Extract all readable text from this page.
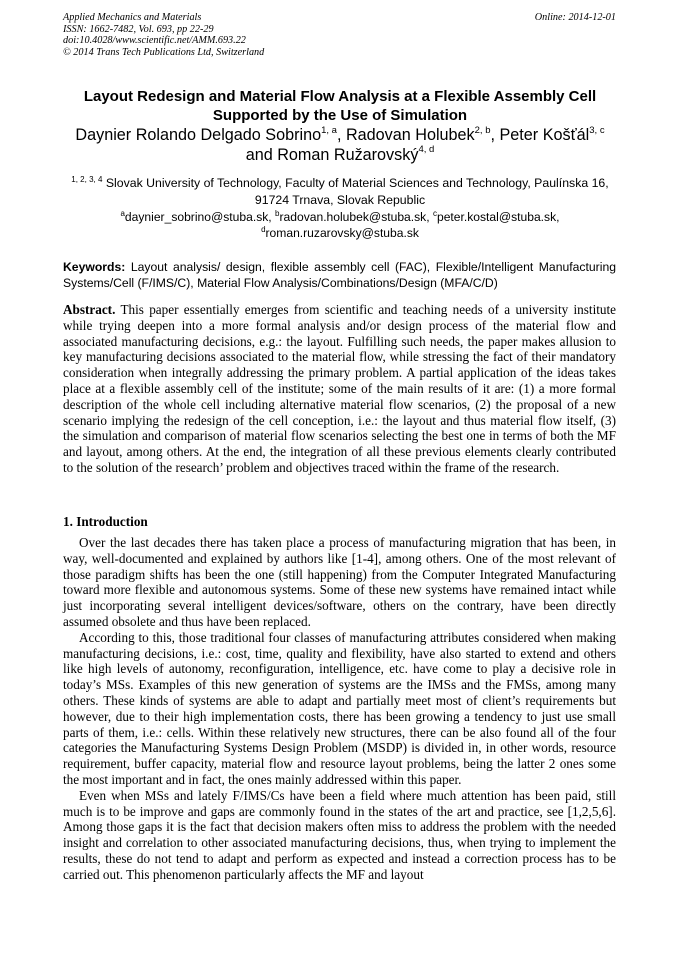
Applied Mechanics and Materials
ISSN: 1662-7482, Vol. 693, pp 22-29
doi:10.4028/www.scientific.net/AMM.693.22
© 2014 Trans Tech Publications Ltd, Switzerland
Online: 2014-12-01
Layout Redesign and Material Flow Analysis at a Flexible Assembly Cell Supported by the Use of Simulation
Daynier Rolando Delgado Sobrino$^{1, a}$, Radovan Holubek$^{2, b}$, Peter Košťál$^{3, c}$
and Roman Ružarovský$^{4, d}$
$^{1, 2, 3, 4}$ Slovak University of Technology, Faculty of Material Sciences and Technology, Paulínska 16, 91724 Trnava, Slovak Republic
$^a$daynier_sobrino@stuba.sk, $^b$radovan.holubek@stuba.sk, $^c$peter.kostal@stuba.sk,
$^d$roman.ruzarovsky@stuba.sk
Keywords: Layout analysis/ design, flexible assembly cell (FAC), Flexible/Intelligent Manufacturing Systems/Cell (F/IMS/C), Material Flow Analysis/Combinations/Design (MFA/C/D)
Abstract. This paper essentially emerges from scientific and teaching needs of a university institute while trying deepen into a more formal analysis and/or design process of the material flow and associated manufacturing decisions, e.g.: the layout. Fulfilling such needs, the paper makes allusion to key manufacturing decisions associated to the material flow, while stressing the fact of their mandatory consideration when integrally addressing the primary problem. A partial application of the ideas takes place at a flexible assembly cell of the institute; some of the main results of it are: (1) a more formal description of the whole cell including alternative material flow scenarios, (2) the proposal of a new scenario implying the redesign of the cell conception, i.e.: the layout and thus material flow itself, (3) the simulation and comparison of material flow scenarios selecting the best one in terms of both the MF and layout, among others. At the end, the integration of all these previous elements clearly contributed to the solution of the research’ problem and objectives traced within the frame of the research.
1. Introduction

Over the last decades there has taken place a process of manufacturing migration that has been, in way, well-documented and explained by authors like [1-4], among others. One of the most relevant of those paradigm shifts has been the one (still happening) from the Computer Integrated Manufacturing toward more flexible and autonomous systems. Some of these new systems have remained intact while just incorporating several intelligent devices/software, others on the contrary, have been directly assumed obsolete and thus have been replaced.

According to this, those traditional four classes of manufacturing attributes considered when making manufacturing decisions, i.e.: cost, time, quality and flexibility, have also started to extend and others like high levels of autonomy, reconfiguration, intelligence, etc. have come to play a decisive role in today’s MSs. Examples of this new generation of systems are the IMSs and the FMSs, among many others. These kinds of systems are able to adapt and partially meet most of client’s requirements but however, due to their high implementation costs, there has been growing a tendency to just use small parts of them, i.e.: cells. Within these relatively new structures, there can be also found all of the four categories the Manufacturing Systems Design Problem (MSDP) is divided in, in other words, resource requirement, buffer capacity, material flow and resource layout problems, being the latter 2 ones some the most important and in fact, the ones mainly addressed within this paper.

Even when MSs and lately F/IMS/Cs have been a field where much attention has been paid, still much is to be improve and gaps are commonly found in the states of the art and practice, see [1,2,5,6]. Among those gaps it is the fact that decision makers often miss to address the problem with the needed insight and correlation to other associated manufacturing decisions, thus, when trying to implement the results, these do not tend to adapt and perform as expected and instead a correction process has to be carried out. This phenomenon particularly affects the MF and layout
